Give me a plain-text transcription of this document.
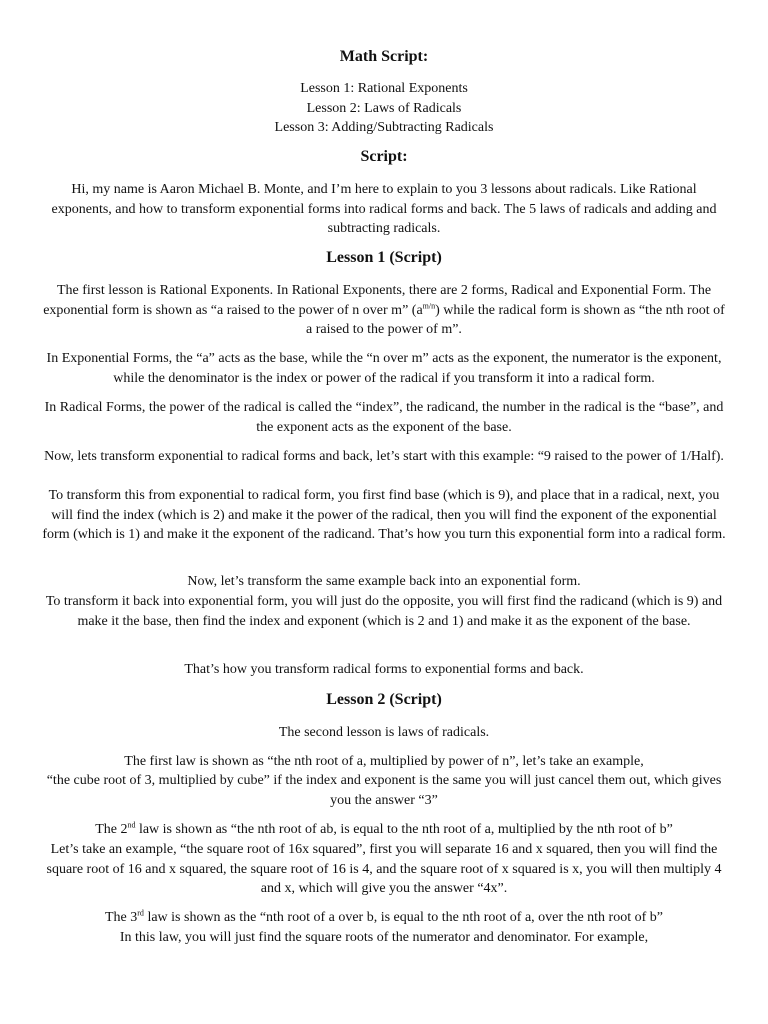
Math Script:

Lesson 1: Rational Exponents

Lesson 2: Laws of Radicals

Lesson 3: Adding/Subtracting Radicals

Script:

Hi, my name is Aaron Michael B. Monte, and I’m here to explain to you 3 lessons about radicals. Like Rational exponents, and how to transform exponential forms into radical forms and back. The 5 laws of radicals and adding and subtracting radicals.

Lesson 1 (Script)

The first lesson is Rational Exponents. In Rational Exponents, there are 2 forms, Radical and Exponential Form. The exponential form is shown as “a raised to the power of n over m” $(a^{m/n})$ while the radical form is shown as “the nth root of a raised to the power of m”.

In Exponential Forms, the “a” acts as the base, while the “n over m” acts as the exponent, the numerator is the exponent, while the denominator is the index or power of the radical if you transform it into a radical form.

In Radical Forms, the power of the radical is called the “index”, the radicand, the number in the radical is the “base”, and the exponent acts as the exponent of the base.

Now, lets transform exponential to radical forms and back, let’s start with this example: “9 raised to the power of 1/Half).

To transform this from exponential to radical form, you first find base (which is 9), and place that in a radical, next, you will find the index (which is 2) and make it the power of the radical, then you will find the exponent of the exponential form (which is 1) and make it the exponent of the radicand. That’s how you turn this exponential form into a radical form.

Now, let’s transform the same example back into an exponential form.

To transform it back into exponential form, you will just do the opposite, you will first find the radicand (which is 9) and make it the base, then find the index and exponent (which is 2 and 1) and make it as the exponent of the base.

That’s how you transform radical forms to exponential forms and back.

Lesson 2 (Script)

The second lesson is laws of radicals.

The first law is shown as “the nth root of a, multiplied by power of n”, let’s take an example,

“the cube root of 3, multiplied by cube” if the index and exponent is the same you will just cancel them out, which gives you the answer “3”

The 2nd law is shown as “the nth root of ab, is equal to the nth root of a, multiplied by the nth root of b”

Let’s take an example, “the square root of 16x squared”, first you will separate 16 and x squared, then you will find the square root of 16 and x squared, the square root of 16 is 4, and the square root of x squared is x, you will then multiply 4 and x, which will give you the answer “4x”.

The 3rd law is shown as the “nth root of a over b, is equal to the nth root of a, over the nth root of b”

In this law, you will just find the square roots of the numerator and denominator. For example,
